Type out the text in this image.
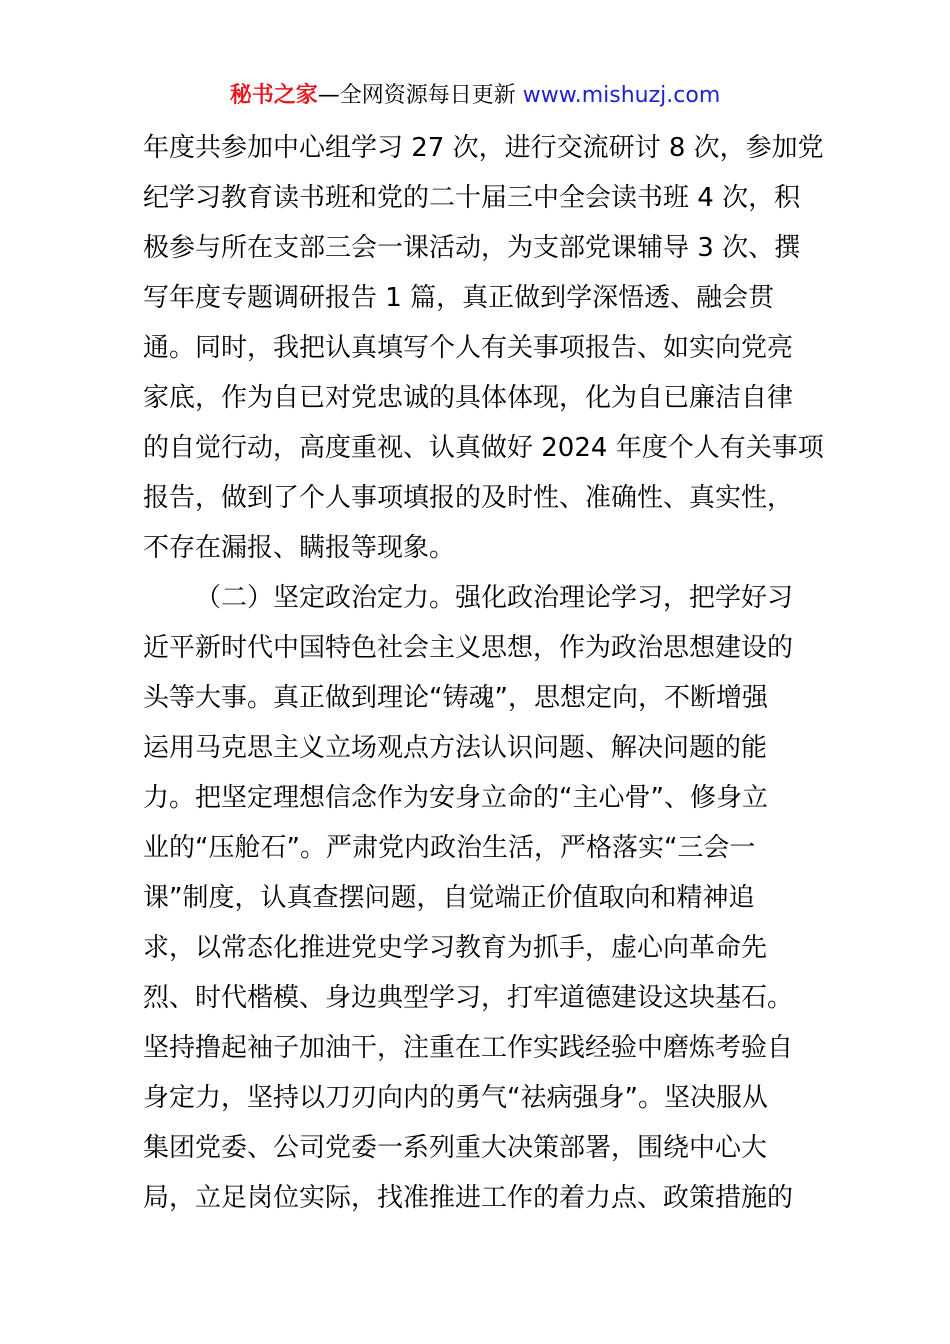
秘书之家—全网资源每日更新 www.mishuzj.com
年度共参加中心组学习 27 次，进行交流研讨 8 次，参加党
纪学习教育读书班和党的二十届三中全会读书班 4 次，积
极参与所在支部三会一课活动，为支部党课辅导 3 次、撰
写年度专题调研报告 1 篇，真正做到学深悟透、融会贯
通。同时，我把认真填写个人有关事项报告、如实向党亮
家底，作为自已对党忠诚的具体体现，化为自已廉洁自律
的自觉行动，高度重视、认真做好 2024 年度个人有关事项
报告，做到了个人事项填报的及时性、准确性、真实性，
不存在漏报、瞒报等现象。
（二）坚定政治定力。强化政治理论学习，把学好习
近平新时代中国特色社会主义思想，作为政治思想建设的
头等大事。真正做到理论“铸魂”，思想定向，不断增强
运用马克思主义立场观点方法认识问题、解决问题的能
力。把坚定理想信念作为安身立命的“主心骨”、修身立
业的“压舱石”。严肃党内政治生活，严格落实“三会一
课”制度，认真查摆问题，自觉端正价值取向和精神追
求，以常态化推进党史学习教育为抓手，虚心向革命先
烈、时代楷模、身边典型学习，打牢道德建设这块基石。
坚持撸起袖子加油干，注重在工作实践经验中磨炼考验自
身定力，坚持以刀刃向内的勇气“祛病强身”。坚决服从
集团党委、公司党委一系列重大决策部署，围绕中心大
局，立足岗位实际，找准推进工作的着力点、政策措施的
